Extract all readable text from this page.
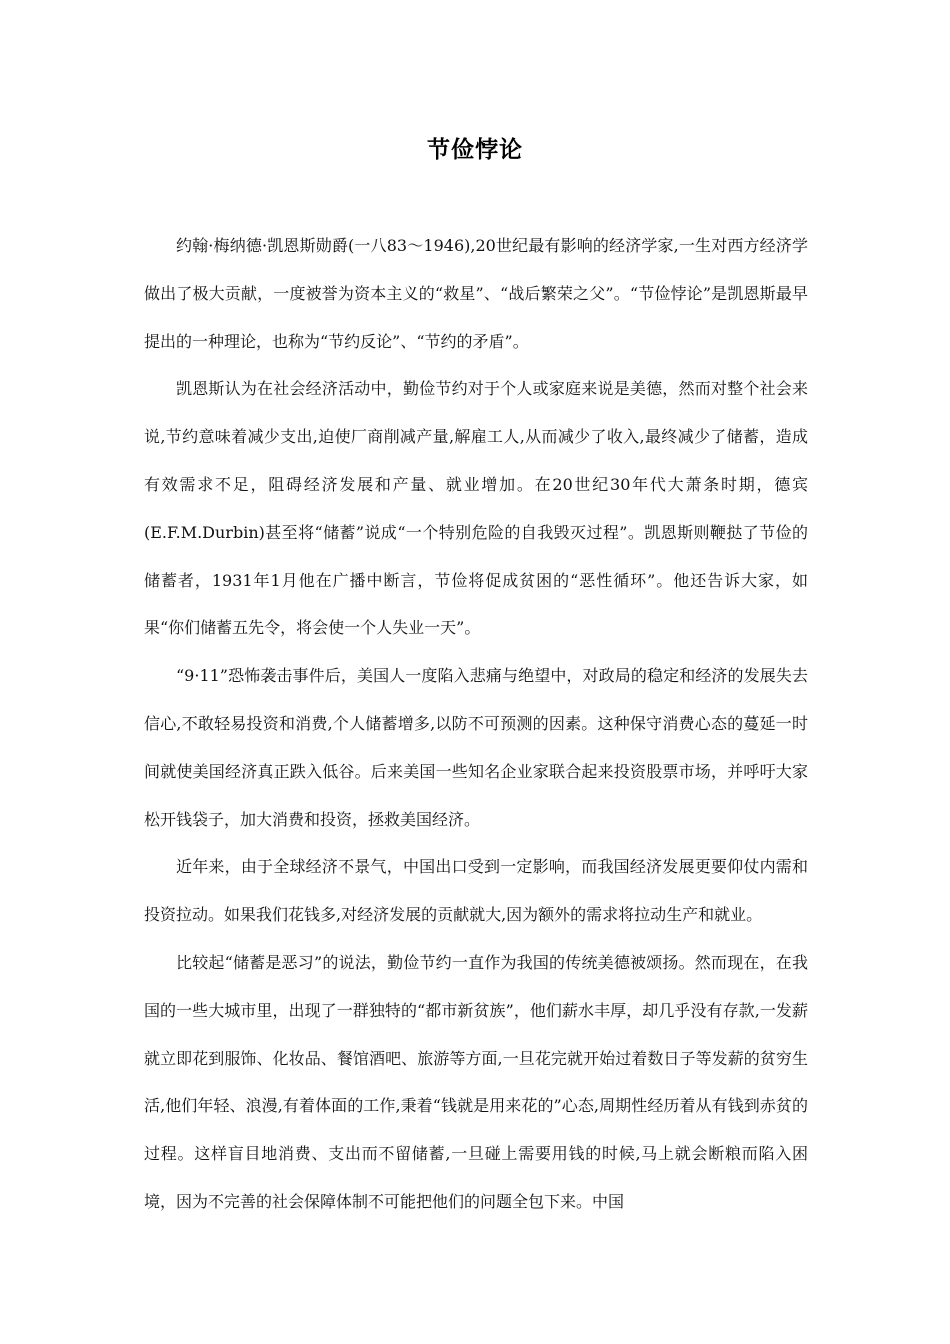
节俭悖论

约翰·梅纳德·凯恩斯勋爵(一八83～1946),20世纪最有影响的经济学家,一生对西方经济学做出了极大贡献，一度被誉为资本主义的“救星”、“战后繁荣之父”。“节俭悖论”是凯恩斯最早提出的一种理论，也称为“节约反论”、“节约的矛盾”。

凯恩斯认为在社会经济活动中，勤俭节约对于个人或家庭来说是美德，然而对整个社会来说,节约意味着减少支出,迫使厂商削减产量,解雇工人,从而减少了收入,最终减少了储蓄，造成有效需求不足，阻碍经济发展和产量、就业增加。在20世纪30年代大萧条时期，德宾(E.F.M.Durbin)甚至将“储蓄”说成“一个特别危险的自我毁灭过程”。凯恩斯则鞭挞了节俭的储蓄者，1931年1月他在广播中断言，节俭将促成贫困的“恶性循环”。他还告诉大家，如果“你们储蓄五先令，将会使一个人失业一天”。

“9·11”恐怖袭击事件后，美国人一度陷入悲痛与绝望中，对政局的稳定和经济的发展失去信心,不敢轻易投资和消费,个人储蓄增多,以防不可预测的因素。这种保守消费心态的蔓延一时间就使美国经济真正跌入低谷。后来美国一些知名企业家联合起来投资股票市场，并呼吁大家松开钱袋子，加大消费和投资，拯救美国经济。

近年来，由于全球经济不景气，中国出口受到一定影响，而我国经济发展更要仰仗内需和投资拉动。如果我们花钱多,对经济发展的贡献就大,因为额外的需求将拉动生产和就业。

比较起“储蓄是恶习”的说法，勤俭节约一直作为我国的传统美德被颂扬。然而现在，在我国的一些大城市里，出现了一群独特的“都市新贫族”，他们薪水丰厚，却几乎没有存款,一发薪就立即花到服饰、化妆品、餐馆酒吧、旅游等方面,一旦花完就开始过着数日子等发薪的贫穷生活,他们年轻、浪漫,有着体面的工作,秉着“钱就是用来花的”心态,周期性经历着从有钱到赤贫的过程。这样盲目地消费、支出而不留储蓄,一旦碰上需要用钱的时候,马上就会断粮而陷入困境，因为不完善的社会保障体制不可能把他们的问题全包下来。中国
